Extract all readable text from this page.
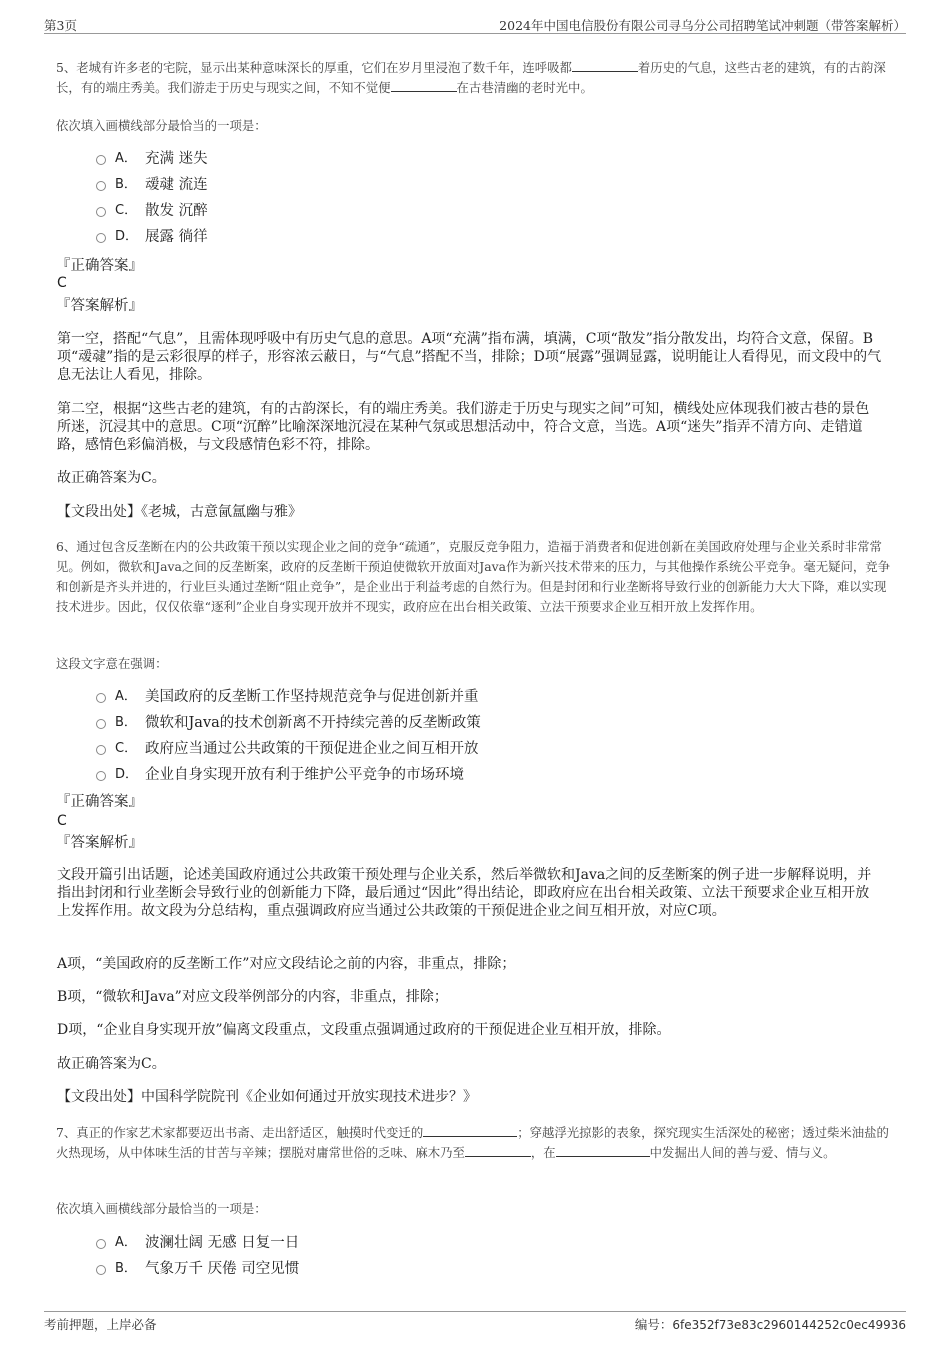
第3页	2024年中国电信股份有限公司寻乌分公司招聘笔试冲刺题（带答案解析）
5、老城有许多老的宅院，显示出某种意味深长的厚重，它们在岁月里浸泡了数千年，连呼吸都	着历史的气息，这些古老的建筑，有的古韵深长，有的端庄秀美。我们游走于历史与现实之间，不知不觉便	在古巷清幽的老时光中。
依次填入画横线部分最恰当的一项是：
A． 充满 迷失
B． 叆叇 流连
C． 散发 沉醉
D． 展露 徜徉
『正确答案』
C
『答案解析』
第一空，搭配“气息”，且需体现呼吸中有历史气息的意思。A项“充满”指布满，填满，C项“散发”指分散发出，均符合文意，保留。B项“叆叇”指的是云彩很厚的样子，形容浓云蔽日，与“气息”搭配不当，排除；D项“展露”强调显露，说明能让人看得见，而文段中的气息无法让人看见，排除。
第二空，根据“这些古老的建筑，有的古韵深长，有的端庄秀美。我们游走于历史与现实之间”可知，横线处应体现我们被古巷的景色所迷，沉浸其中的意思。C项“沉醉”比喻深深地沉浸在某种气氛或思想活动中，符合文意，当选。A项“迷失”指弄不清方向、走错道路，感情色彩偏消极，与文段感情色彩不符，排除。
故正确答案为C。
【文段出处】《老城，古意氤氲幽与雅》
6、通过包含反垄断在内的公共政策干预以实现企业之间的竞争“疏通”，克服反竞争阻力，造福于消费者和促进创新在美国政府处理与企业关系时非常常见。例如，微软和Java之间的反垄断案，政府的反垄断干预迫使微软开放面对Java作为新兴技术带来的压力，与其他操作系统公平竞争。毫无疑问，竞争和创新是齐头并进的，行业巨头通过垄断“阻止竞争”，是企业出于利益考虑的自然行为。但是封闭和行业垄断将导致行业的创新能力大大下降，难以实现技术进步。因此，仅仅依靠“逐利”企业自身实现开放并不现实，政府应在出台相关政策、立法干预要求企业互相开放上发挥作用。
这段文字意在强调：
A． 美国政府的反垄断工作坚持规范竞争与促进创新并重
B． 微软和Java的技术创新离不开持续完善的反垄断政策
C． 政府应当通过公共政策的干预促进企业之间互相开放
D． 企业自身实现开放有利于维护公平竞争的市场环境
『正确答案』
C
『答案解析』
文段开篇引出话题，论述美国政府通过公共政策干预处理与企业关系，然后举微软和Java之间的反垄断案的例子进一步解释说明，并指出封闭和行业垄断会导致行业的创新能力下降，最后通过“因此”得出结论，即政府应在出台相关政策、立法干预要求企业互相开放上发挥作用。故文段为分总结构，重点强调政府应当通过公共政策的干预促进企业之间互相开放，对应C项。
A项，“美国政府的反垄断工作”对应文段结论之前的内容，非重点，排除；
B项，“微软和Java”对应文段举例部分的内容，非重点，排除；
D项，“企业自身实现开放”偏离文段重点，文段重点强调通过政府的干预促进企业互相开放，排除。
故正确答案为C。
【文段出处】中国科学院院刊《企业如何通过开放实现技术进步？》
7、真正的作家艺术家都要迈出书斋、走出舒适区，触摸时代变迁的	；穿越浮光掠影的表象，探究现实生活深处的秘密；透过柴米油盐的火热现场，从中体味生活的甘苦与辛辣；摆脱对庸常世俗的乏味、麻木乃至	，在	中发掘出人间的善与爱、情与义。
依次填入画横线部分最恰当的一项是：
A． 波澜壮阔 无感 日复一日
B． 气象万千 厌倦 司空见惯
考前押题，上岸必备	编号：6fe352f73e83c2960144252c0ec49936
